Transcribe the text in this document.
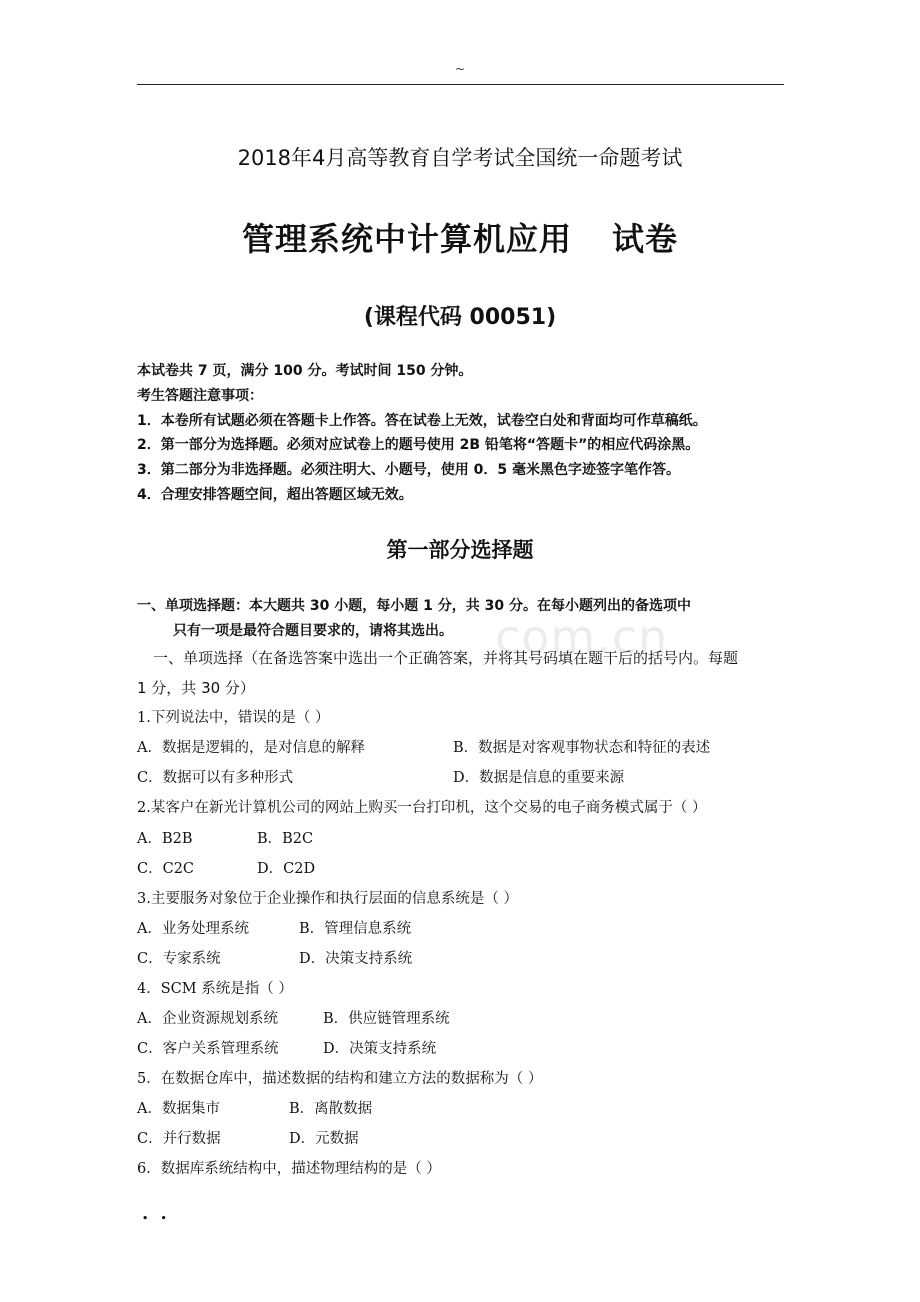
~
2018年4月高等教育自学考试全国统一命题考试
管理系统中计算机应用 试卷
(课程代码 00051)
本试卷共 7 页，满分 100 分。考试时间 150 分钟。
考生答题注意事项：
1．本卷所有试题必须在答题卡上作答。答在试卷上无效，试卷空白处和背面均可作草稿纸。
2．第一部分为选择题。必须对应试卷上的题号使用 2B 铅笔将“答题卡”的相应代码涂黑。
3．第二部分为非选择题。必须注明大、小题号，使用 0．5 毫米黑色字迹签字笔作答。
4．合理安排答题空间，超出答题区域无效。
第一部分选择题
com.cn
一、单项选择题：本大题共 30 小题，每小题 1 分，共 30 分。在每小题列出的备选项中
只有一项是最符合题目要求的，请将其选出。
一、单项选择（在备选答案中选出一个正确答案，并将其号码填在题干后的括号内。每题
1 分，共 30 分）
1.下列说法中，错误的是（ ）
A．数据是逻辑的，是对信息的解释	B．数据是对客观事物状态和特征的表述
C．数据可以有多种形式	D．数据是信息的重要来源
2.某客户在新光计算机公司的网站上购买一台打印机，这个交易的电子商务模式属于（ ）
A．B2B	B．B2C
C．C2C	D．C2D
3.主要服务对象位于企业操作和执行层面的信息系统是（ ）
A．业务处理系统	B．管理信息系统
C．专家系统	D．决策支持系统
4．SCM 系统是指（ ）
A．企业资源规划系统	B．供应链管理系统
C．客户关系管理系统	D．决策支持系统
5．在数据仓库中，描述数据的结构和建立方法的数据称为（ ）
A．数据集市	B．离散数据
C．并行数据	D．元数据
6．数据库系统结构中，描述物理结构的是（ ）
. .
